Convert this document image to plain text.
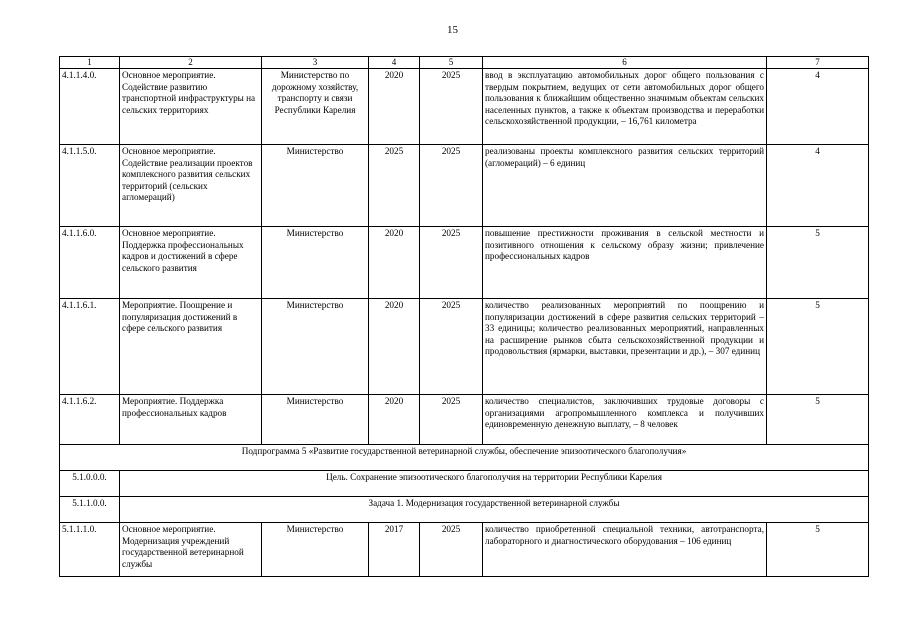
15
1	2	3	4	5	6	7
4.1.1.4.0.	Основное мероприятие. Содействие развитию транспортной инфраструктуры на сельских территориях	Министерство по дорожному хозяйству, транспорту и связи Республики Карелия	2020	2025	ввод в эксплуатацию автомобильных дорог общего пользования с твердым покрытием, ведущих от сети автомобильных дорог общего пользования к ближайшим общественно значимым объектам сельских населенных пунктов, а также к объектам производства и переработки сельскохозяйственной продукции, – 16,761 километра	4
4.1.1.5.0.	Основное мероприятие. Содействие реализации проектов комплексного развития сельских территорий (сельских агломераций)	Министерство	2025	2025	реализованы проекты комплексного развития сельских территорий (агломераций) – 6 единиц	4
4.1.1.6.0.	Основное мероприятие. Поддержка профессиональных кадров и достижений в сфере сельского развития	Министерство	2020	2025	повышение престижности проживания в сельской местности и позитивного отношения к сельскому образу жизни; привлечение профессиональных кадров	5
4.1.1.6.1.	Мероприятие. Поощрение и популяризация достижений в сфере сельского развития	Министерство	2020	2025	количество реализованных мероприятий по поощрению и популяризации достижений в сфере развития сельских территорий – 33 единицы; количество реализованных мероприятий, направленных на расширение рынков сбыта сельскохозяйственной продукции и продовольствия (ярмарки, выставки, презентации и др.), – 307 единиц	5
4.1.1.6.2.	Мероприятие. Поддержка профессиональных кадров	Министерство	2020	2025	количество специалистов, заключивших трудовые договоры с организациями агропромышленного комплекса и получивших единовременную денежную выплату, – 8 человек	5
Подпрограмма 5 «Развитие государственной ветеринарной службы, обеспечение эпизоотического благополучия»						
5.1.0.0.0.	Цель. Сохранение эпизоотического благополучия на территории Республики Карелия					
5.1.1.0.0.	Задача 1. Модернизация государственной ветеринарной службы					
5.1.1.1.0.	Основное мероприятие. Модернизация учреждений государственной ветеринарной службы	Министерство	2017	2025	количество приобретенной специальной техники, автотранспорта, лабораторного и диагностического оборудования – 106 единиц	5
